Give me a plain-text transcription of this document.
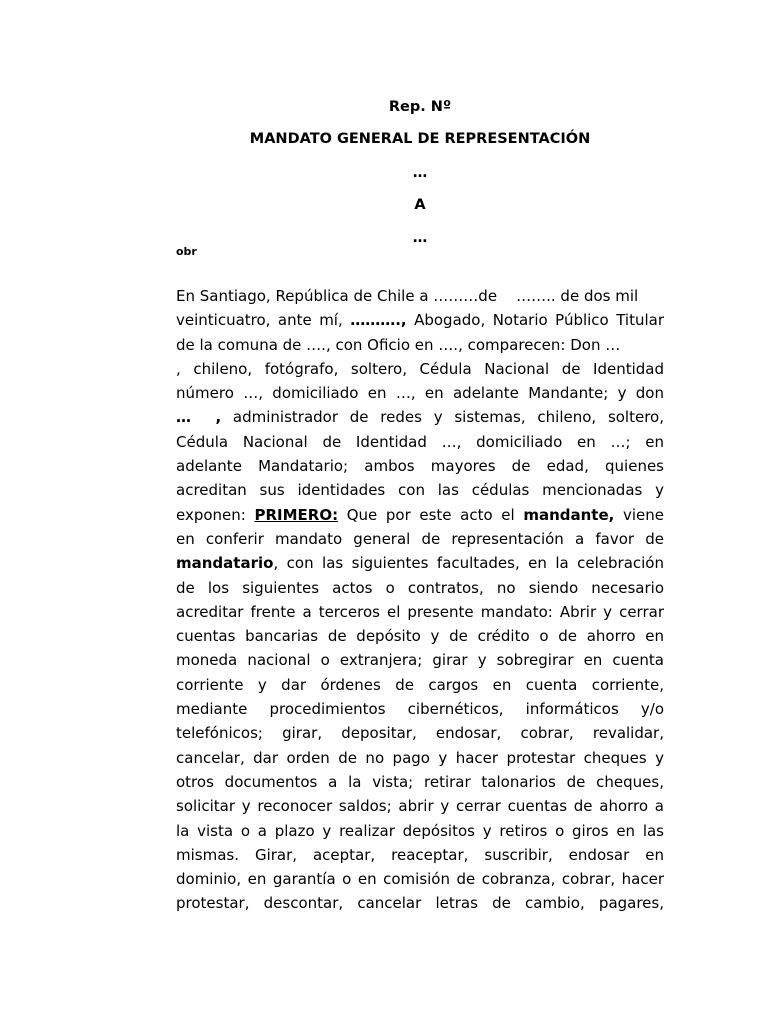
Rep. Nº
MANDATO GENERAL DE REPRESENTACIÓN
…
A
…
obr
En Santiago, República de Chile a ………de    …….. de dos mil
veinticuatro, ante mí, ………., Abogado, Notario Público Titular
de la comuna de …., con Oficio en …., comparecen: Don …
, chileno, fotógrafo, soltero, Cédula Nacional de Identidad
número …, domiciliado en …, en adelante Mandante; y don
…  , administrador de redes y sistemas, chileno, soltero,
Cédula Nacional de Identidad …, domiciliado en …; en
adelante Mandatario; ambos mayores de edad, quienes
acreditan sus identidades con las cédulas mencionadas y
exponen: PRIMERO: Que por este acto el mandante, viene
en conferir mandato general de representación a favor de
mandatario, con las siguientes facultades, en la celebración
de los siguientes actos o contratos, no siendo necesario
acreditar frente a terceros el presente mandato: Abrir y cerrar
cuentas bancarias de depósito y de crédito o de ahorro en
moneda nacional o extranjera; girar y sobregirar en cuenta
corriente y dar órdenes de cargos en cuenta corriente,
mediante procedimientos cibernéticos, informáticos y/o
telefónicos; girar, depositar, endosar, cobrar, revalidar,
cancelar, dar orden de no pago y hacer protestar cheques y
otros documentos a la vista; retirar talonarios de cheques,
solicitar y reconocer saldos; abrir y cerrar cuentas de ahorro a
la vista o a plazo y realizar depósitos y retiros o giros en las
mismas. Girar, aceptar, reaceptar, suscribir, endosar en
dominio, en garantía o en comisión de cobranza, cobrar, hacer
protestar, descontar, cancelar letras de cambio, pagares,
